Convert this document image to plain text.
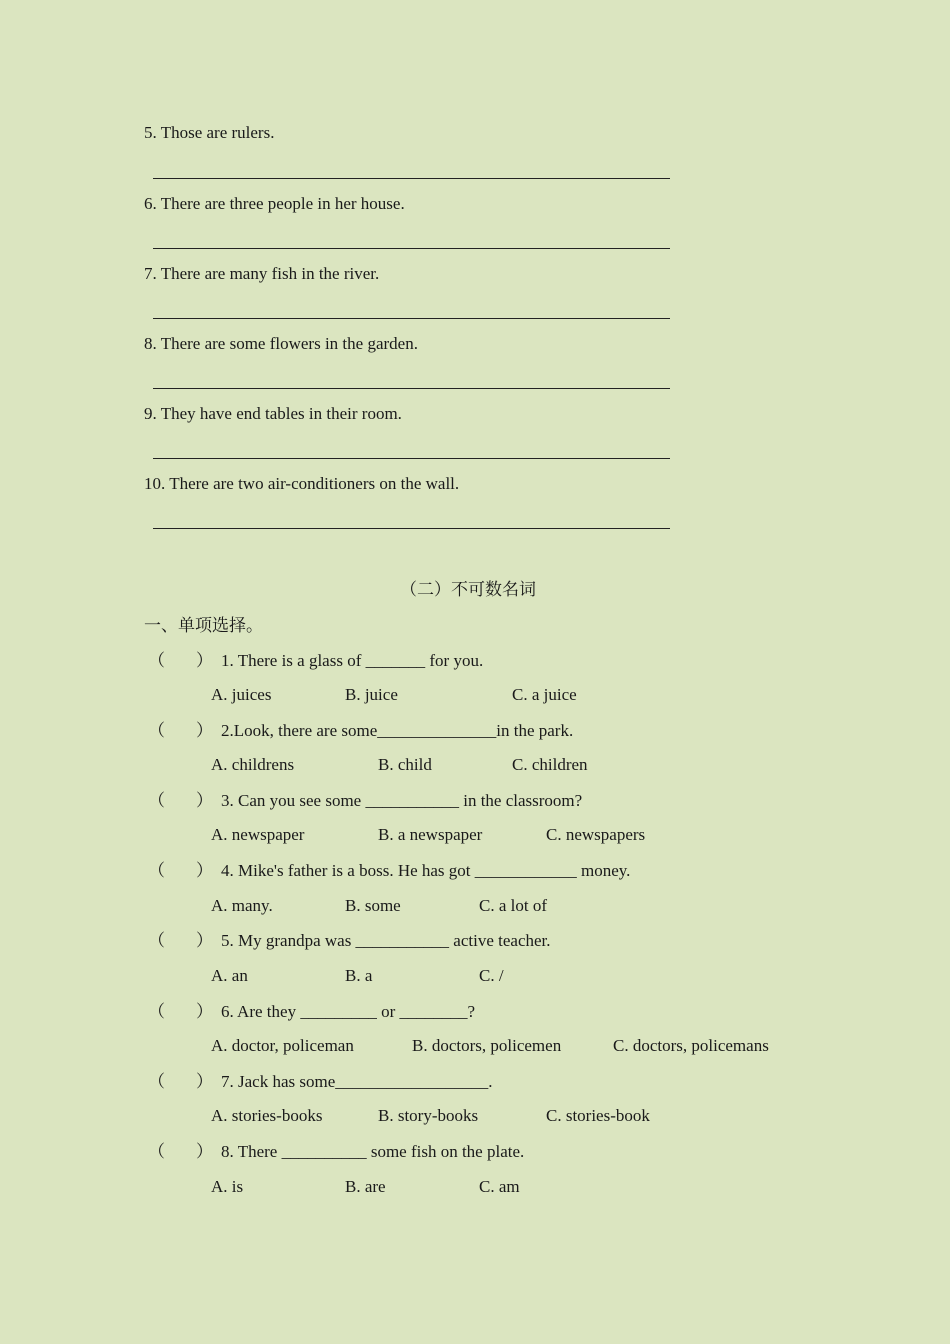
5. Those are rulers.
6. There are three people in her house.
7. There are many fish in the river.
8. There are some flowers in the garden.
9. They have end tables in their room.
10. There are two air-conditioners on the wall.
（二）不可数名词
一、单项选择。
（ ） 1. There is a glass of _______ for you.
A. juices	B. juice	C. a juice
（ ） 2.Look, there are some______________in the park.
A. childrens	B. child	C. children
（ ） 3. Can you see some ___________ in the classroom?
A. newspaper	B. a newspaper	C. newspapers
（ ） 4. Mike's father is a boss. He has got ____________ money.
A. many.	B. some	C. a lot of
（ ） 5. My grandpa was ___________ active teacher.
A. an	B. a	C. /
（ ） 6. Are they _________ or ________?
A. doctor, policeman	B. doctors, policemen	C. doctors, policemans
（ ） 7. Jack has some__________________.
A. stories-books	B. story-books	C. stories-book
（ ） 8. There __________ some fish on the plate.
A. is	B. are	C. am
